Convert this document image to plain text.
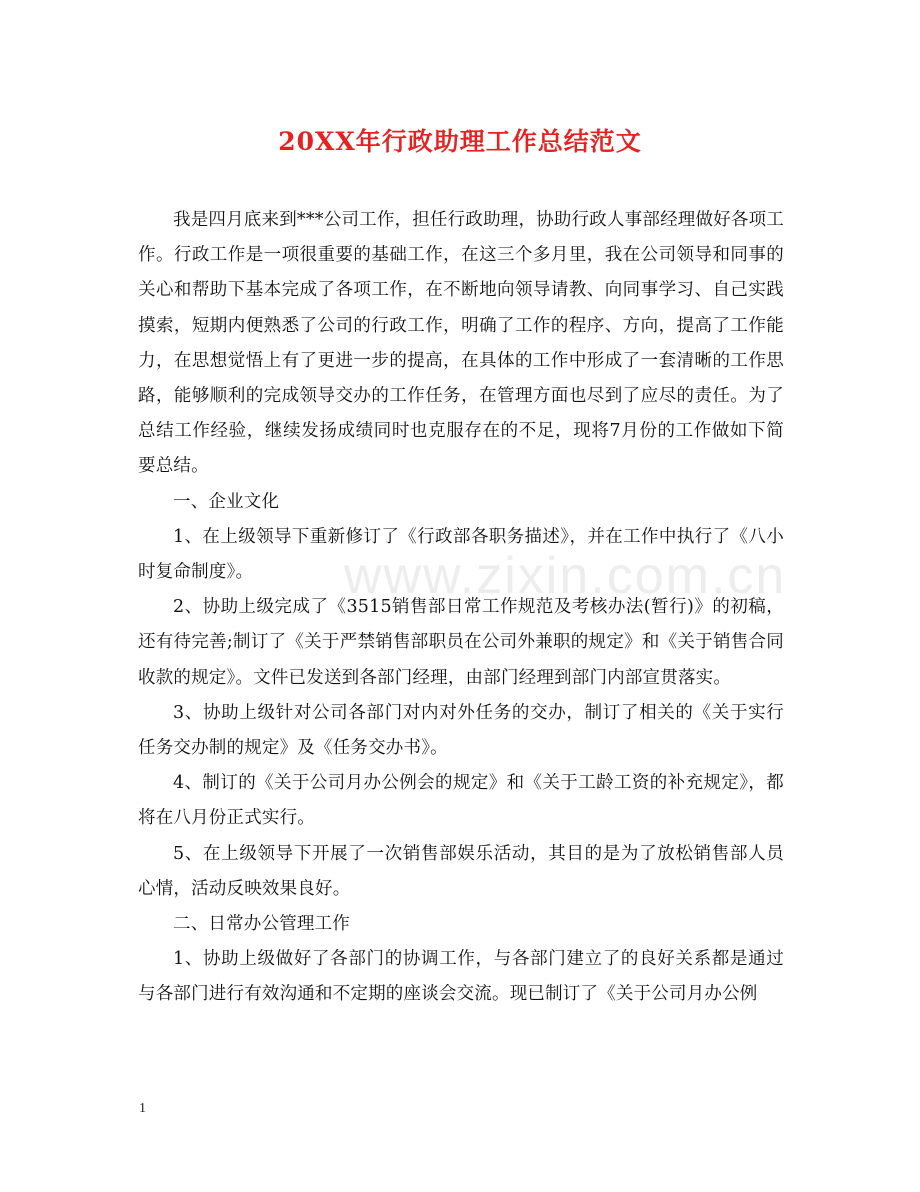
20XX年行政助理工作总结范文

我是四月底来到***公司工作，担任行政助理，协助行政人事部经理做好各项工作。行政工作是一项很重要的基础工作，在这三个多月里，我在公司领导和同事的关心和帮助下基本完成了各项工作，在不断地向领导请教、向同事学习、自己实践摸索，短期内便熟悉了公司的行政工作，明确了工作的程序、方向，提高了工作能力，在思想觉悟上有了更进一步的提高，在具体的工作中形成了一套清晰的工作思路，能够顺利的完成领导交办的工作任务，在管理方面也尽到了应尽的责任。为了总结工作经验，继续发扬成绩同时也克服存在的不足，现将7月份的工作做如下简要总结。

一、企业文化

1、在上级领导下重新修订了《行政部各职务描述》，并在工作中执行了《八小时复命制度》。

2、协助上级完成了《3515销售部日常工作规范及考核办法(暂行)》的初稿，还有待完善;制订了《关于严禁销售部职员在公司外兼职的规定》和《关于销售合同收款的规定》。文件已发送到各部门经理，由部门经理到部门内部宣贯落实。

3、协助上级针对公司各部门对内对外任务的交办，制订了相关的《关于实行任务交办制的规定》及《任务交办书》。

4、制订的《关于公司月办公例会的规定》和《关于工龄工资的补充规定》，都将在八月份正式实行。

5、在上级领导下开展了一次销售部娱乐活动，其目的是为了放松销售部人员心情，活动反映效果良好。

二、日常办公管理工作

1、协助上级做好了各部门的协调工作，与各部门建立了的良好关系都是通过与各部门进行有效沟通和不定期的座谈会交流。现已制订了《关于公司月办公例

www.zixin.com.cn
1
